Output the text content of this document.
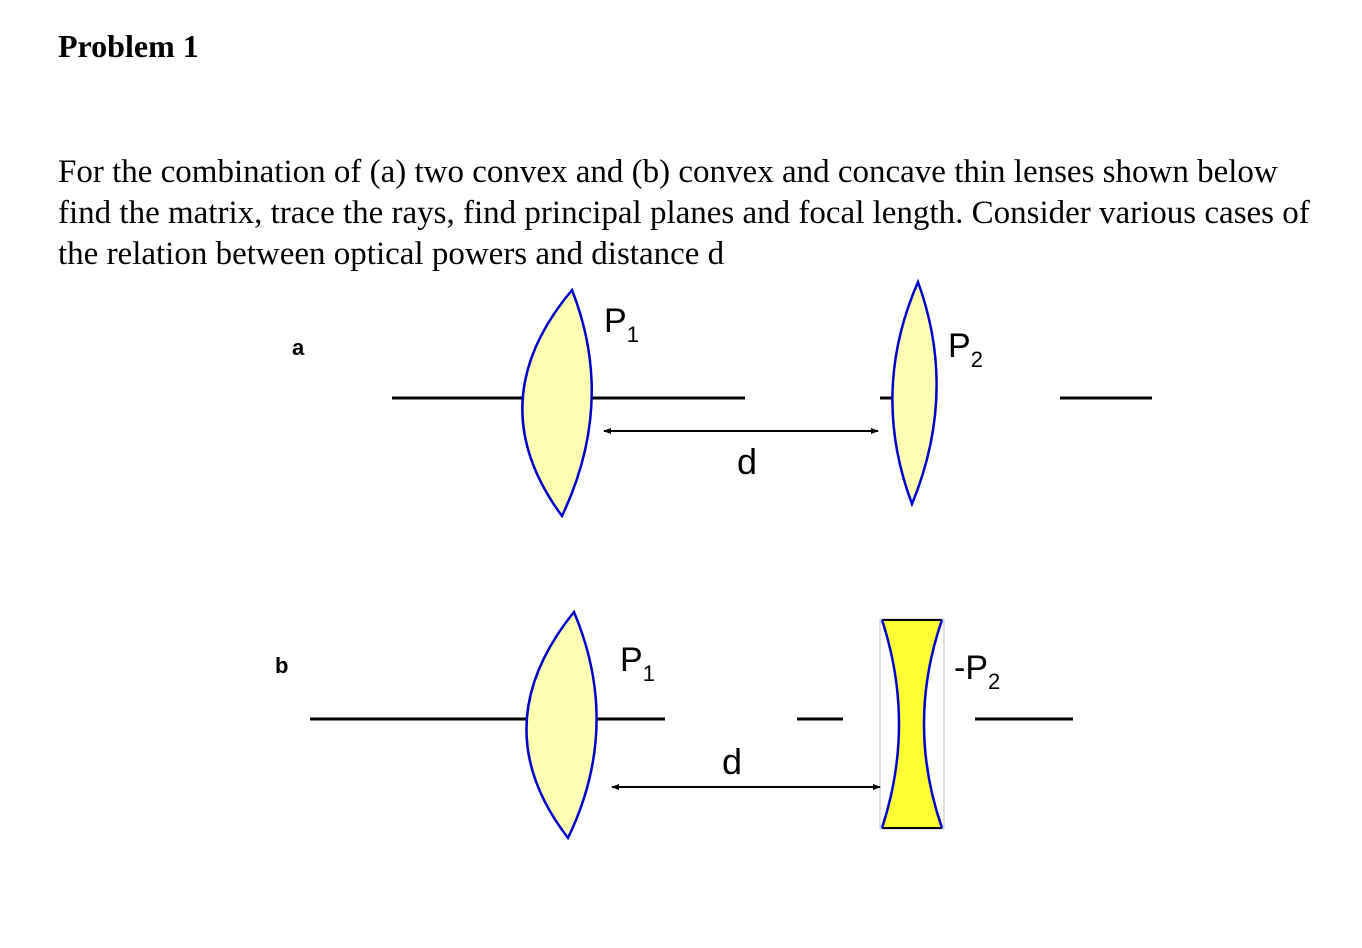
Problem 1
For the combination of (a) two convex and (b) convex and concave thin lenses shown below find the matrix, trace the rays, find principal planes and focal length. Consider various cases of the relation between optical powers and distance d
a
$P_1$	$P_2$
d
b	$P_1$	$-P_2$
d
